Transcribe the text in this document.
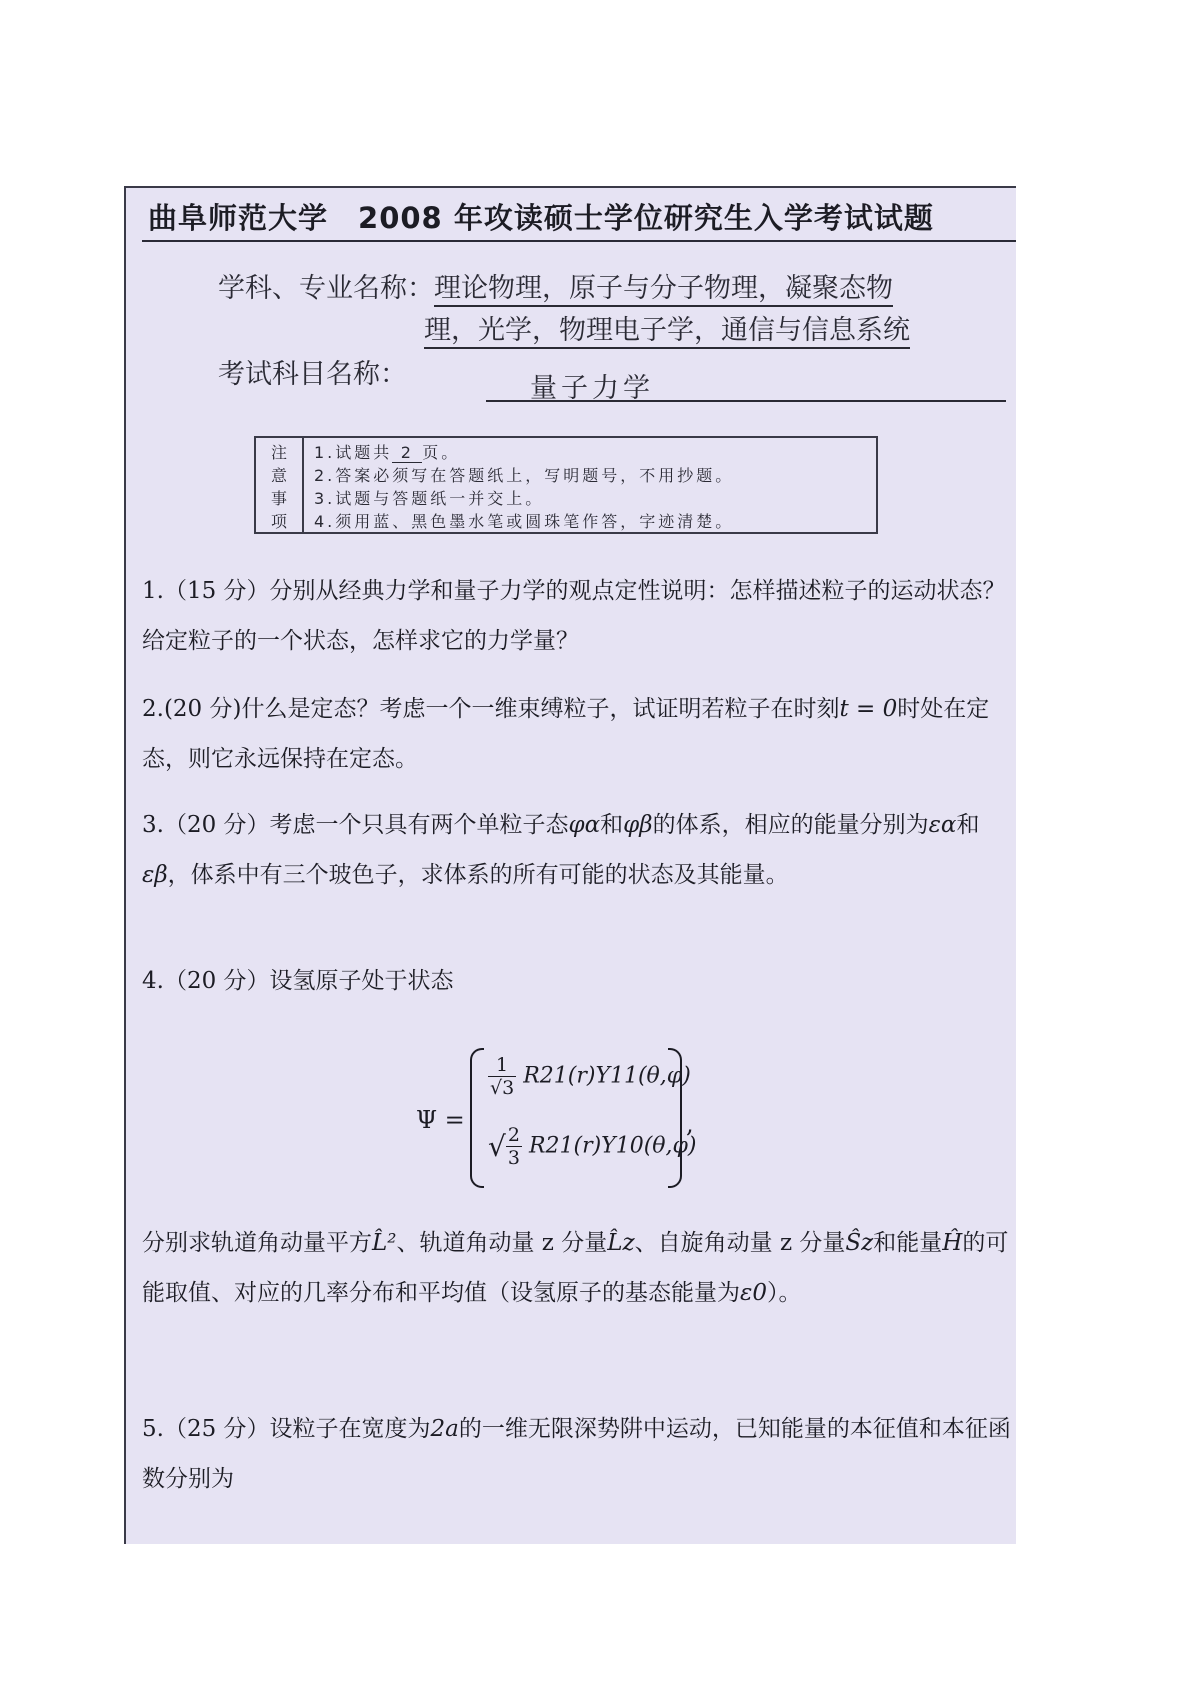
曲阜师范大学 2008 年攻读硕士学位研究生入学考试试题
学科、专业名称：理论物理，原子与分子物理，凝聚态物
理，光学，物理电子学，通信与信息系统
考试科目名称：	量子力学
注
意
事
项
1.试题共 2 页。
2.答案必须写在答题纸上，写明题号，不用抄题。
3.试题与答题纸一并交上。
4.须用蓝、黑色墨水笔或圆珠笔作答，字迹清楚。

1.（15 分）分别从经典力学和量子力学的观点定性说明：怎样描述粒子的运动状态？给定粒子的一个状态，怎样求它的力学量？

2.(20 分)什么是定态？考虑一个一维束缚粒子，试证明若粒子在时刻t = 0时处在定态，则它永远保持在定态。

3.（20 分）考虑一个只具有两个单粒子态φα和φβ的体系，相应的能量分别为εα和εβ，体系中有三个玻色子，求体系的所有可能的状态及其能量。

4.（20 分）设氢原子处于状态

Ψ =
$\frac{1}{√3} R21(r)Y11(\theta,\varphi)$
√ $\frac{2}{3} R21(r)Y10(\theta,\varphi)$
,

分别求轨道角动量平方L̂²、轨道角动量 z 分量L̂z、自旋角动量 z 分量Ŝz和能量Ĥ的可能取值、对应的几率分布和平均值（设氢原子的基态能量为ε0）。

5.（25 分）设粒子在宽度为2a的一维无限深势阱中运动，已知能量的本征值和本征函数分别为
